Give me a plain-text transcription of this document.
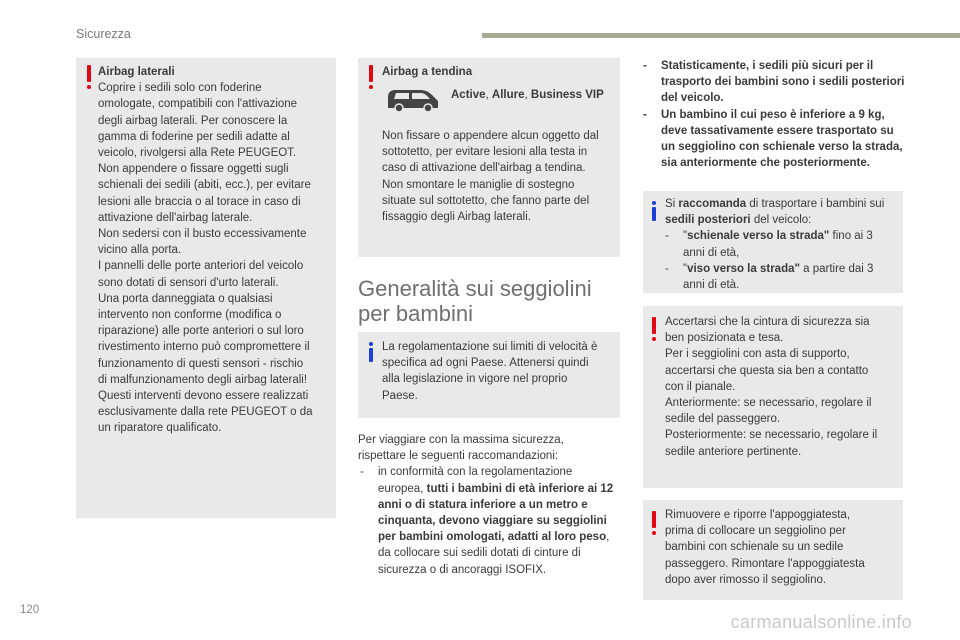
Sicurezza
120
carmanualsonline.info

Airbag laterali

Coprire i sedili solo con foderine
omologate, compatibili con l'attivazione
degli airbag laterali. Per conoscere la
gamma di foderine per sedili adatte al
veicolo, rivolgersi alla Rete PEUGEOT.
Non appendere o fissare oggetti sugli
schienali dei sedili (abiti, ecc.), per evitare
lesioni alle braccia o al torace in caso di
attivazione dell'airbag laterale.
Non sedersi con il busto eccessivamente
vicino alla porta.
I pannelli delle porte anteriori del veicolo
sono dotati di sensori d'urto laterali.
Una porta danneggiata o qualsiasi
intervento non conforme (modifica o
riparazione) alle porte anteriori o sul loro
rivestimento interno può compromettere il
funzionamento di questi sensori - rischio
di malfunzionamento degli airbag laterali!
Questi interventi devono essere realizzati
esclusivamente dalla rete PEUGEOT o da
un riparatore qualificato.
Airbag a tendina
Active, Allure, Business VIP
Non fissare o appendere alcun oggetto dal
sottotetto, per evitare lesioni alla testa in
caso di attivazione dell'airbag a tendina.
Non smontare le maniglie di sostegno
situate sul sottotetto, che fanno parte del
fissaggio degli Airbag laterali.
Generalità sui seggiolini
per bambini
La regolamentazione sui limiti di velocità è
specifica ad ogni Paese. Attenersi quindi
alla legislazione in vigore nel proprio
Paese.
Per viaggiare con la massima sicurezza,
rispettare le seguenti raccomandazioni:
- in conformità con la regolamentazione europea, tutti i bambini di età inferiore ai 12 anni o di statura inferiore a un metro e cinquanta, devono viaggiare su seggiolini per bambini omologati, adatti al loro peso, da collocare sui sedili dotati di cinture di sicurezza o di ancoraggi ISOFIX.
- Statisticamente, i sedili più sicuri per il trasporto dei bambini sono i sedili posteriori del veicolo.
- Un bambino il cui peso è inferiore a 9 kg, deve tassativamente essere trasportato su un seggiolino con schienale verso la strada, sia anteriormente che posteriormente.
Si raccomanda di trasportare i bambini sui sedili posteriori del veicolo:
- "schienale verso la strada" fino ai 3 anni di età,
- "viso verso la strada" a partire dai 3 anni di età.
Accertarsi che la cintura di sicurezza sia
ben posizionata e tesa.
Per i seggiolini con asta di supporto,
accertarsi che questa sia ben a contatto
con il pianale.
Anteriormente: se necessario, regolare il
sedile del passeggero.
Posteriormente: se necessario, regolare il
sedile anteriore pertinente.
Rimuovere e riporre l'appoggiatesta,
prima di collocare un seggiolino per
bambini con schienale su un sedile
passeggero. Rimontare l'appoggiatesta
dopo aver rimosso il seggiolino.
